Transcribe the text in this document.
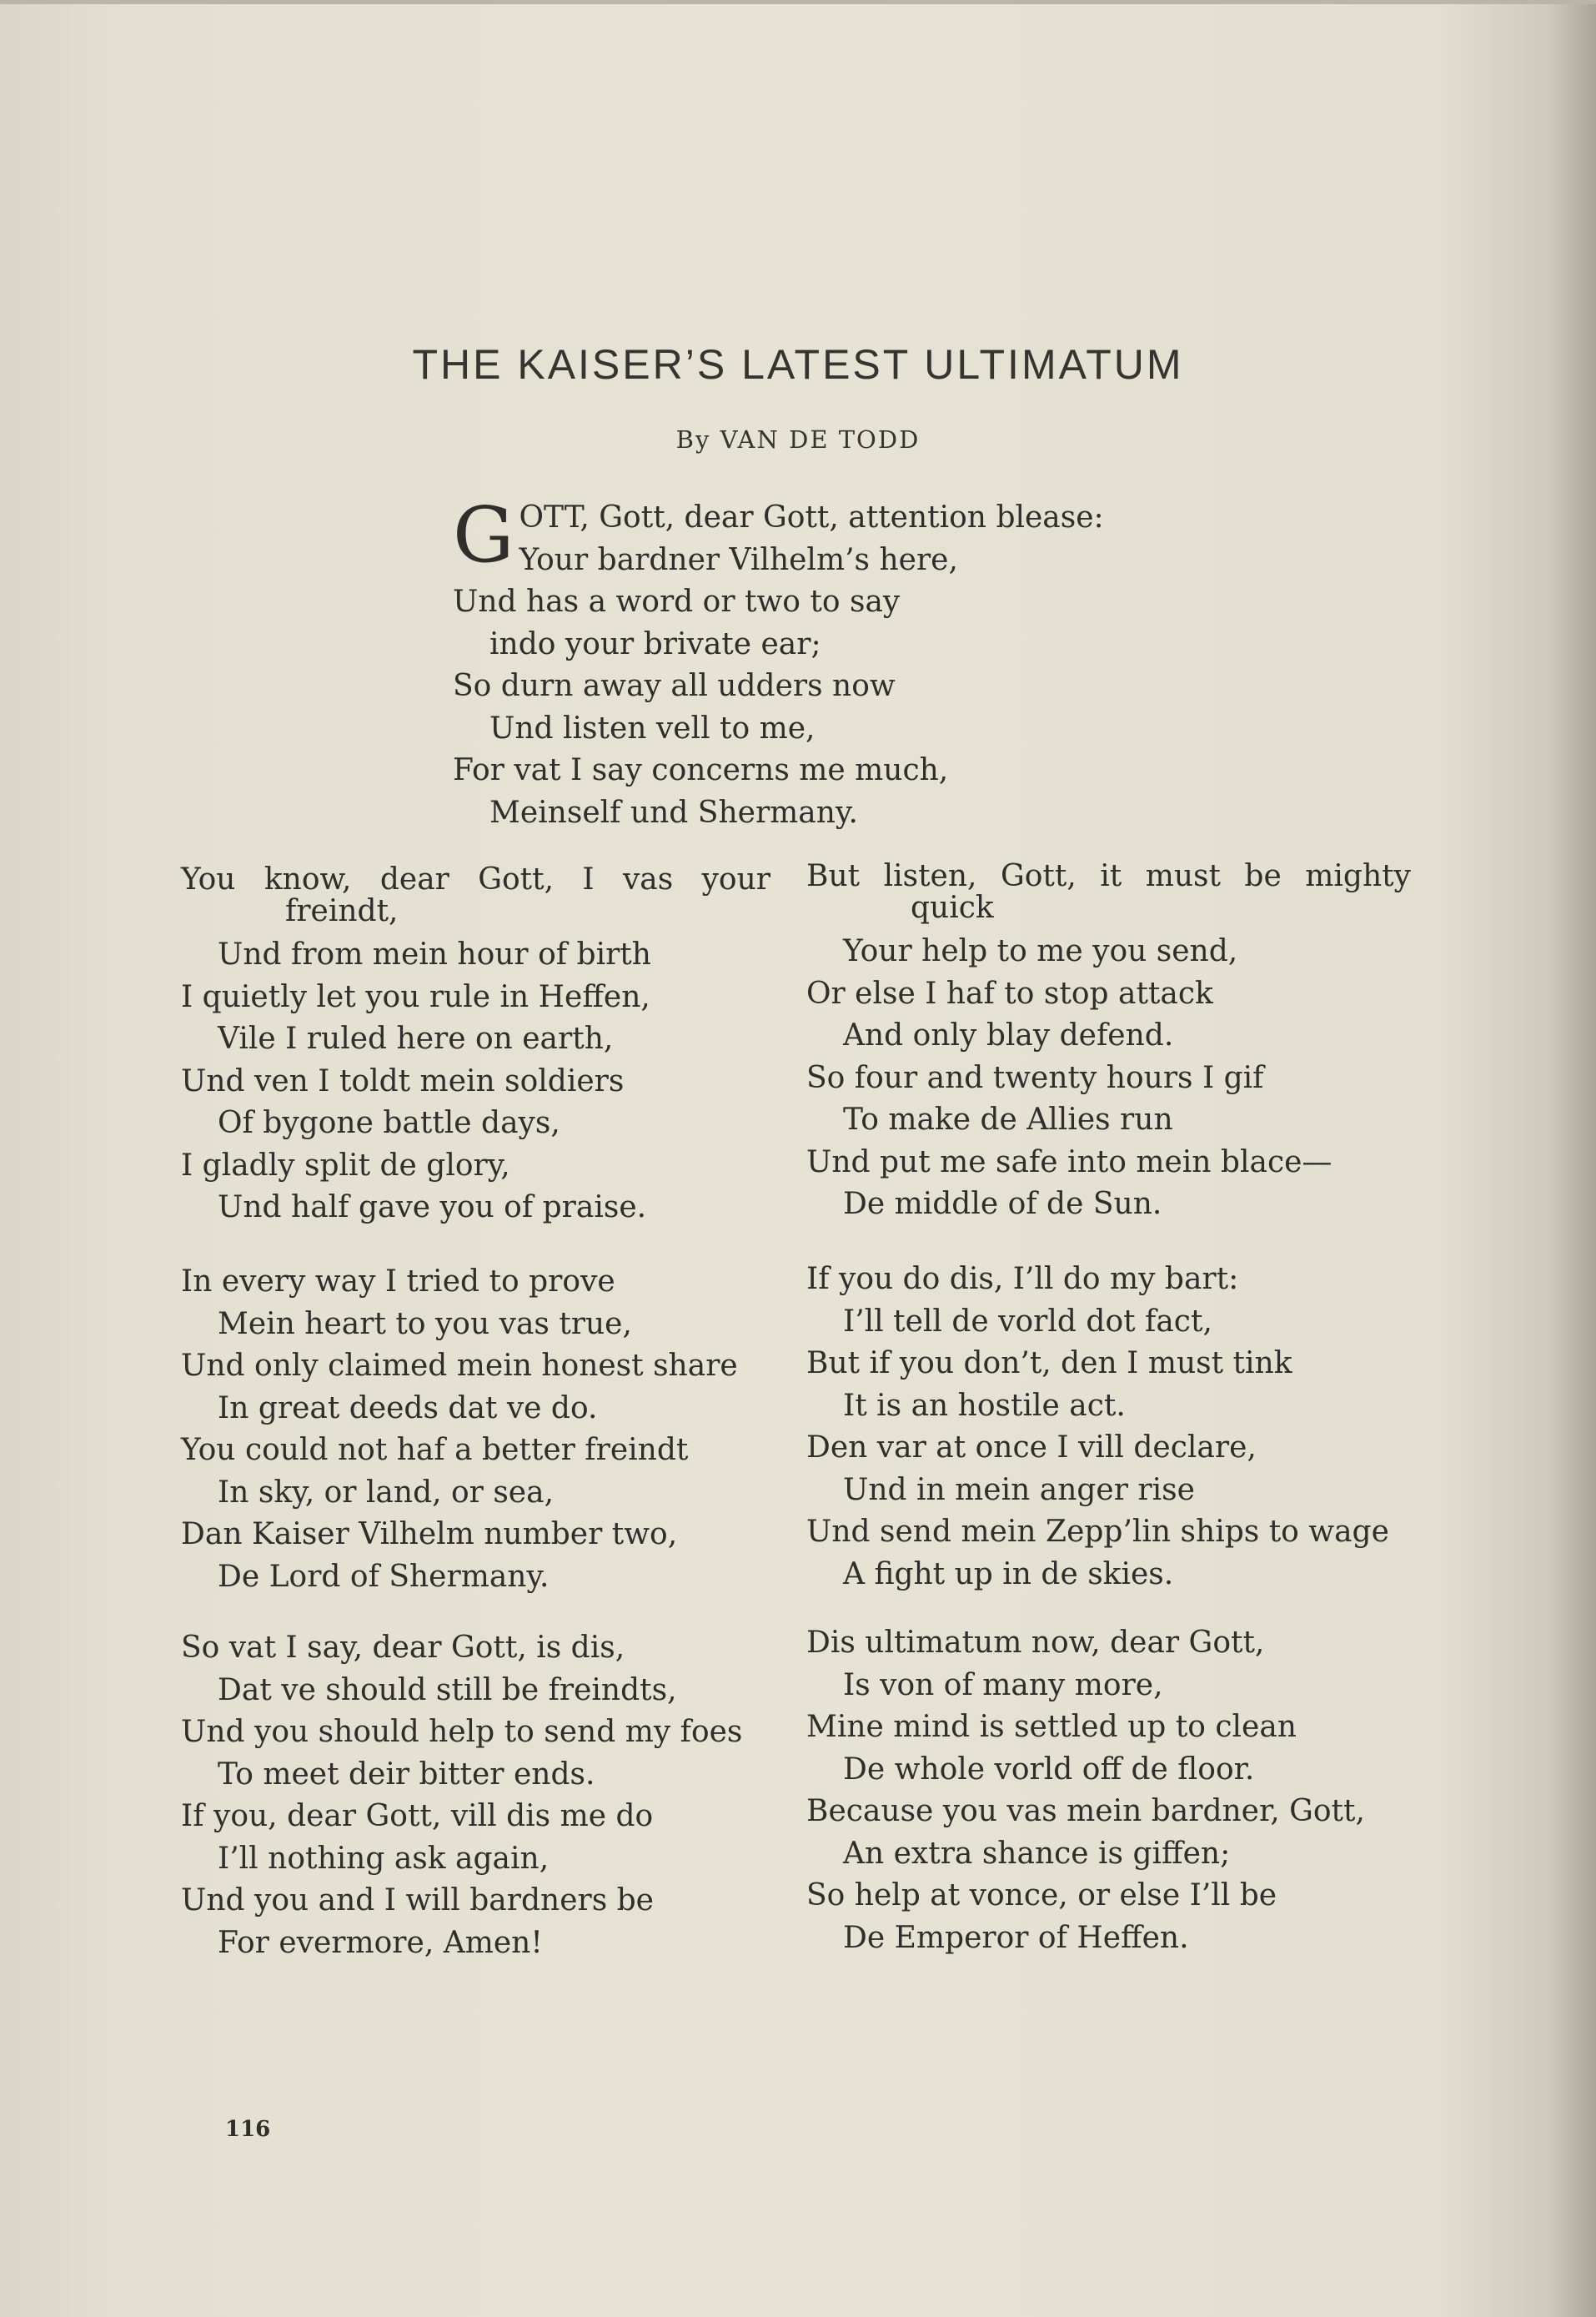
THE KAISER’S LATEST ULTIMATUM
By VAN DE TODD
G OTT, Gott, dear Gott, attention blease:
Your bardner Vilhelm’s here,
Und has a word or two to say
indo your brivate ear;
So durn away all udders now
Und listen vell to me,
For vat I say concerns me much,
Meinself und Shermany.
You know, dear Gott, I vas your
freindt,
Und from mein hour of birth
I quietly let you rule in Heffen,
Vile I ruled here on earth,
Und ven I toldt mein soldiers
Of bygone battle days,
I gladly split de glory,
Und half gave you of praise.
In every way I tried to prove
Mein heart to you vas true,
Und only claimed mein honest share
In great deeds dat ve do.
You could not haf a better freindt
In sky, or land, or sea,
Dan Kaiser Vilhelm number two,
De Lord of Shermany.
So vat I say, dear Gott, is dis,
Dat ve should still be freindts,
Und you should help to send my foes
To meet deir bitter ends.
If you, dear Gott, vill dis me do
I’ll nothing ask again,
Und you and I will bardners be
For evermore, Amen!
But listen, Gott, it must be mighty
quick
Your help to me you send,
Or else I haf to stop attack
And only blay defend.
So four and twenty hours I gif
To make de Allies run
Und put me safe into mein blace—
De middle of de Sun.
If you do dis, I’ll do my bart:
I’ll tell de vorld dot fact,
But if you don’t, den I must tink
It is an hostile act.
Den var at once I vill declare,
Und in mein anger rise
Und send mein Zepp’lin ships to wage
A fight up in de skies.
Dis ultimatum now, dear Gott,
Is von of many more,
Mine mind is settled up to clean
De whole vorld off de floor.
Because you vas mein bardner, Gott,
An extra shance is giffen;
So help at vonce, or else I’ll be
De Emperor of Heffen.
116
